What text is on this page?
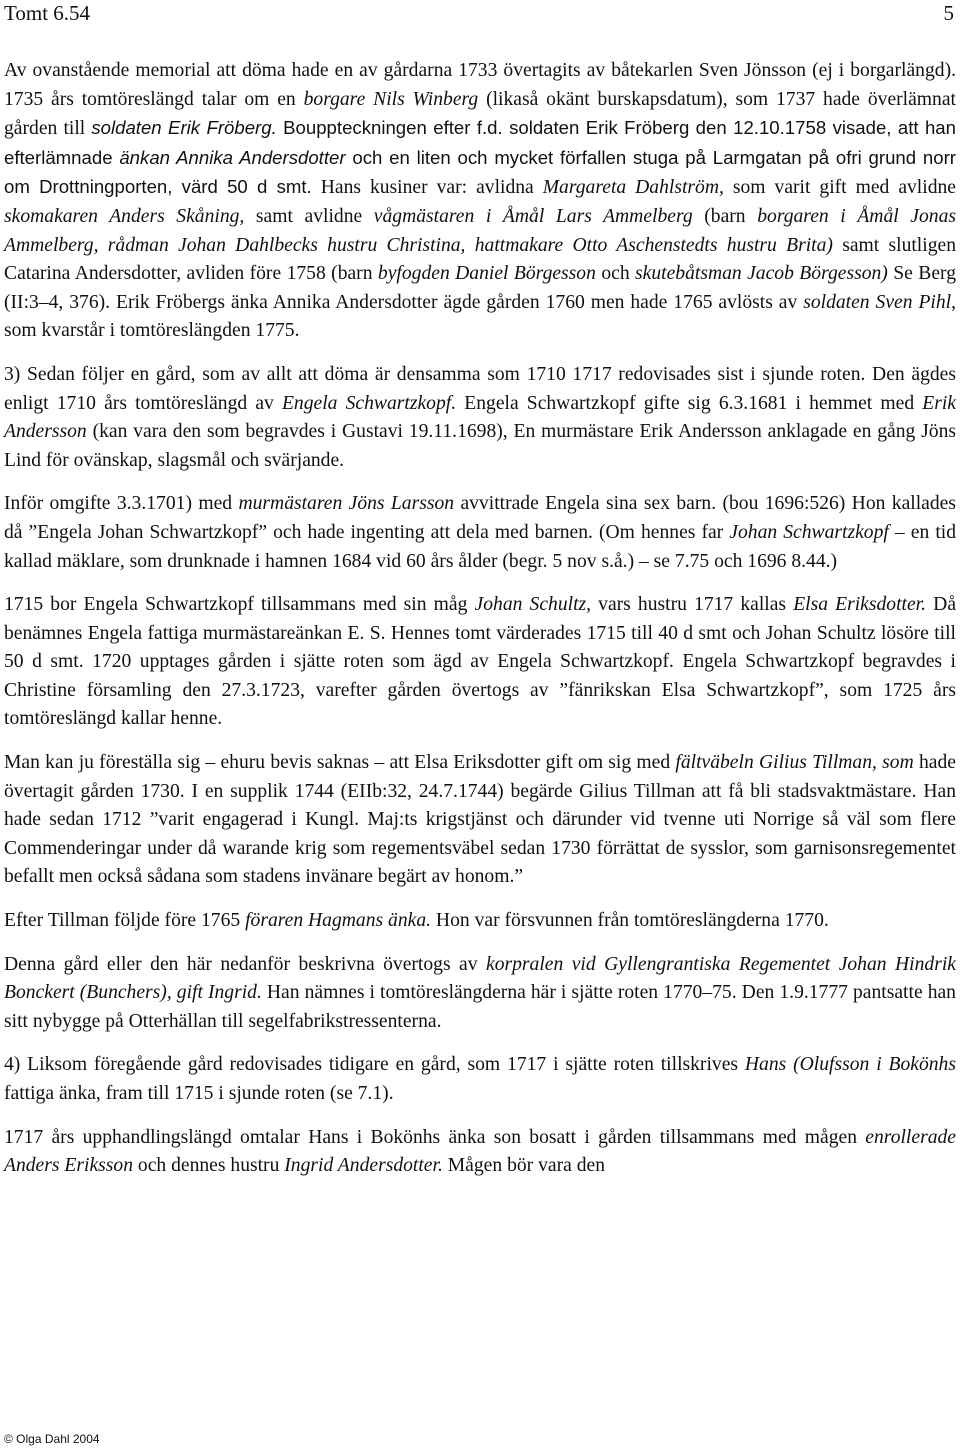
Tomt 6.54	5

Av ovanstående memorial att döma hade en av gårdarna 1733 övertagits av båtekarlen Sven Jönsson (ej i borgarlängd). 1735 års tomtöreslängd talar om en borgare Nils Winberg (likaså okänt burskapsdatum), som 1737 hade överlämnat gården till soldaten Erik Fröberg. Bouppteckningen efter f.d. soldaten Erik Fröberg den 12.10.1758 visade, att han efterlämnade änkan Annika Andersdotter och en liten och mycket förfallen stuga på Larmgatan på ofri grund norr om Drottningporten, värd 50 d smt. Hans kusiner var: avlidna Margareta Dahlström, som varit gift med avlidne skomakaren Anders Skåning, samt avlidne vågmästaren i Åmål Lars Ammelberg (barn borgaren i Åmål Jonas Ammelberg, rådman Johan Dahlbecks hustru Christina, hattmakare Otto Aschenstedts hustru Brita) samt slutligen Catarina Andersdotter, avliden före 1758 (barn byfogden Daniel Börgesson och skutebåtsman Jacob Börgesson) Se Berg (II:3–4, 376). Erik Fröbergs änka Annika Andersdotter ägde gården 1760 men hade 1765 avlösts av soldaten Sven Pihl, som kvarstår i tomtöreslängden 1775.

3) Sedan följer en gård, som av allt att döma är densamma som 1710 1717 redovisades sist i sjunde roten. Den ägdes enligt 1710 års tomtöreslängd av Engela Schwartzkopf. Engela Schwartzkopf gifte sig 6.3.1681 i hemmet med Erik Andersson (kan vara den som begravdes i Gustavi 19.11.1698), En murmästare Erik Andersson anklagade en gång Jöns Lind för ovänskap, slagsmål och svärjande.

Inför omgifte 3.3.1701) med murmästaren Jöns Larsson avvittrade Engela sina sex barn. (bou 1696:526) Hon kallades då ”Engela Johan Schwartzkopf” och hade ingenting att dela med barnen. (Om hennes far Johan Schwartzkopf – en tid kallad mäklare, som drunknade i hamnen 1684 vid 60 års ålder (begr. 5 nov s.å.) – se 7.75 och 1696 8.44.)

1715 bor Engela Schwartzkopf tillsammans med sin måg Johan Schultz, vars hustru 1717 kallas Elsa Eriksdotter. Då benämnes Engela fattiga murmästareänkan E. S. Hennes tomt värderades 1715 till 40 d smt och Johan Schultz lösöre till 50 d smt. 1720 upptages gården i sjätte roten som ägd av Engela Schwartzkopf. Engela Schwartzkopf begravdes i Christine församling den 27.3.1723, varefter gården övertogs av ”fänrikskan Elsa Schwartzkopf”, som 1725 års tomtöreslängd kallar henne.

Man kan ju föreställa sig – ehuru bevis saknas – att Elsa Eriksdotter gift om sig med fältväbeln Gilius Tillman, som hade övertagit gården 1730. I en supplik 1744 (EIIb:32, 24.7.1744) begärde Gilius Tillman att få bli stadsvaktmästare. Han hade sedan 1712 ”varit engagerad i Kungl. Maj:ts krigstjänst och därunder vid tvenne uti Norrige så väl som flere Commenderingar under då warande krig som regementsväbel sedan 1730 förrättat de sysslor, som garnisonsregementet befallt men också sådana som stadens invänare begärt av honom.”

Efter Tillman följde före 1765 föraren Hagmans änka. Hon var försvunnen från tomtöreslängderna 1770.

Denna gård eller den här nedanför beskrivna övertogs av korpralen vid Gyllengrantiska Regementet Johan Hindrik Bonckert (Bunchers), gift Ingrid. Han nämnes i tomtöreslängderna här i sjätte roten 1770–75. Den 1.9.1777 pantsatte han sitt nybygge på Otterhällan till segelfabrikstressenterna.

4) Liksom föregående gård redovisades tidigare en gård, som 1717 i sjätte roten tillskrives Hans (Olufsson i Bokönhs fattiga änka, fram till 1715 i sjunde roten (se 7.1).

1717 års upphandlingslängd omtalar Hans i Bokönhs änka son bosatt i gården tillsammans med mågen enrollerade Anders Eriksson och dennes hustru Ingrid Andersdotter. Mågen bör vara den

© Olga Dahl 2004
